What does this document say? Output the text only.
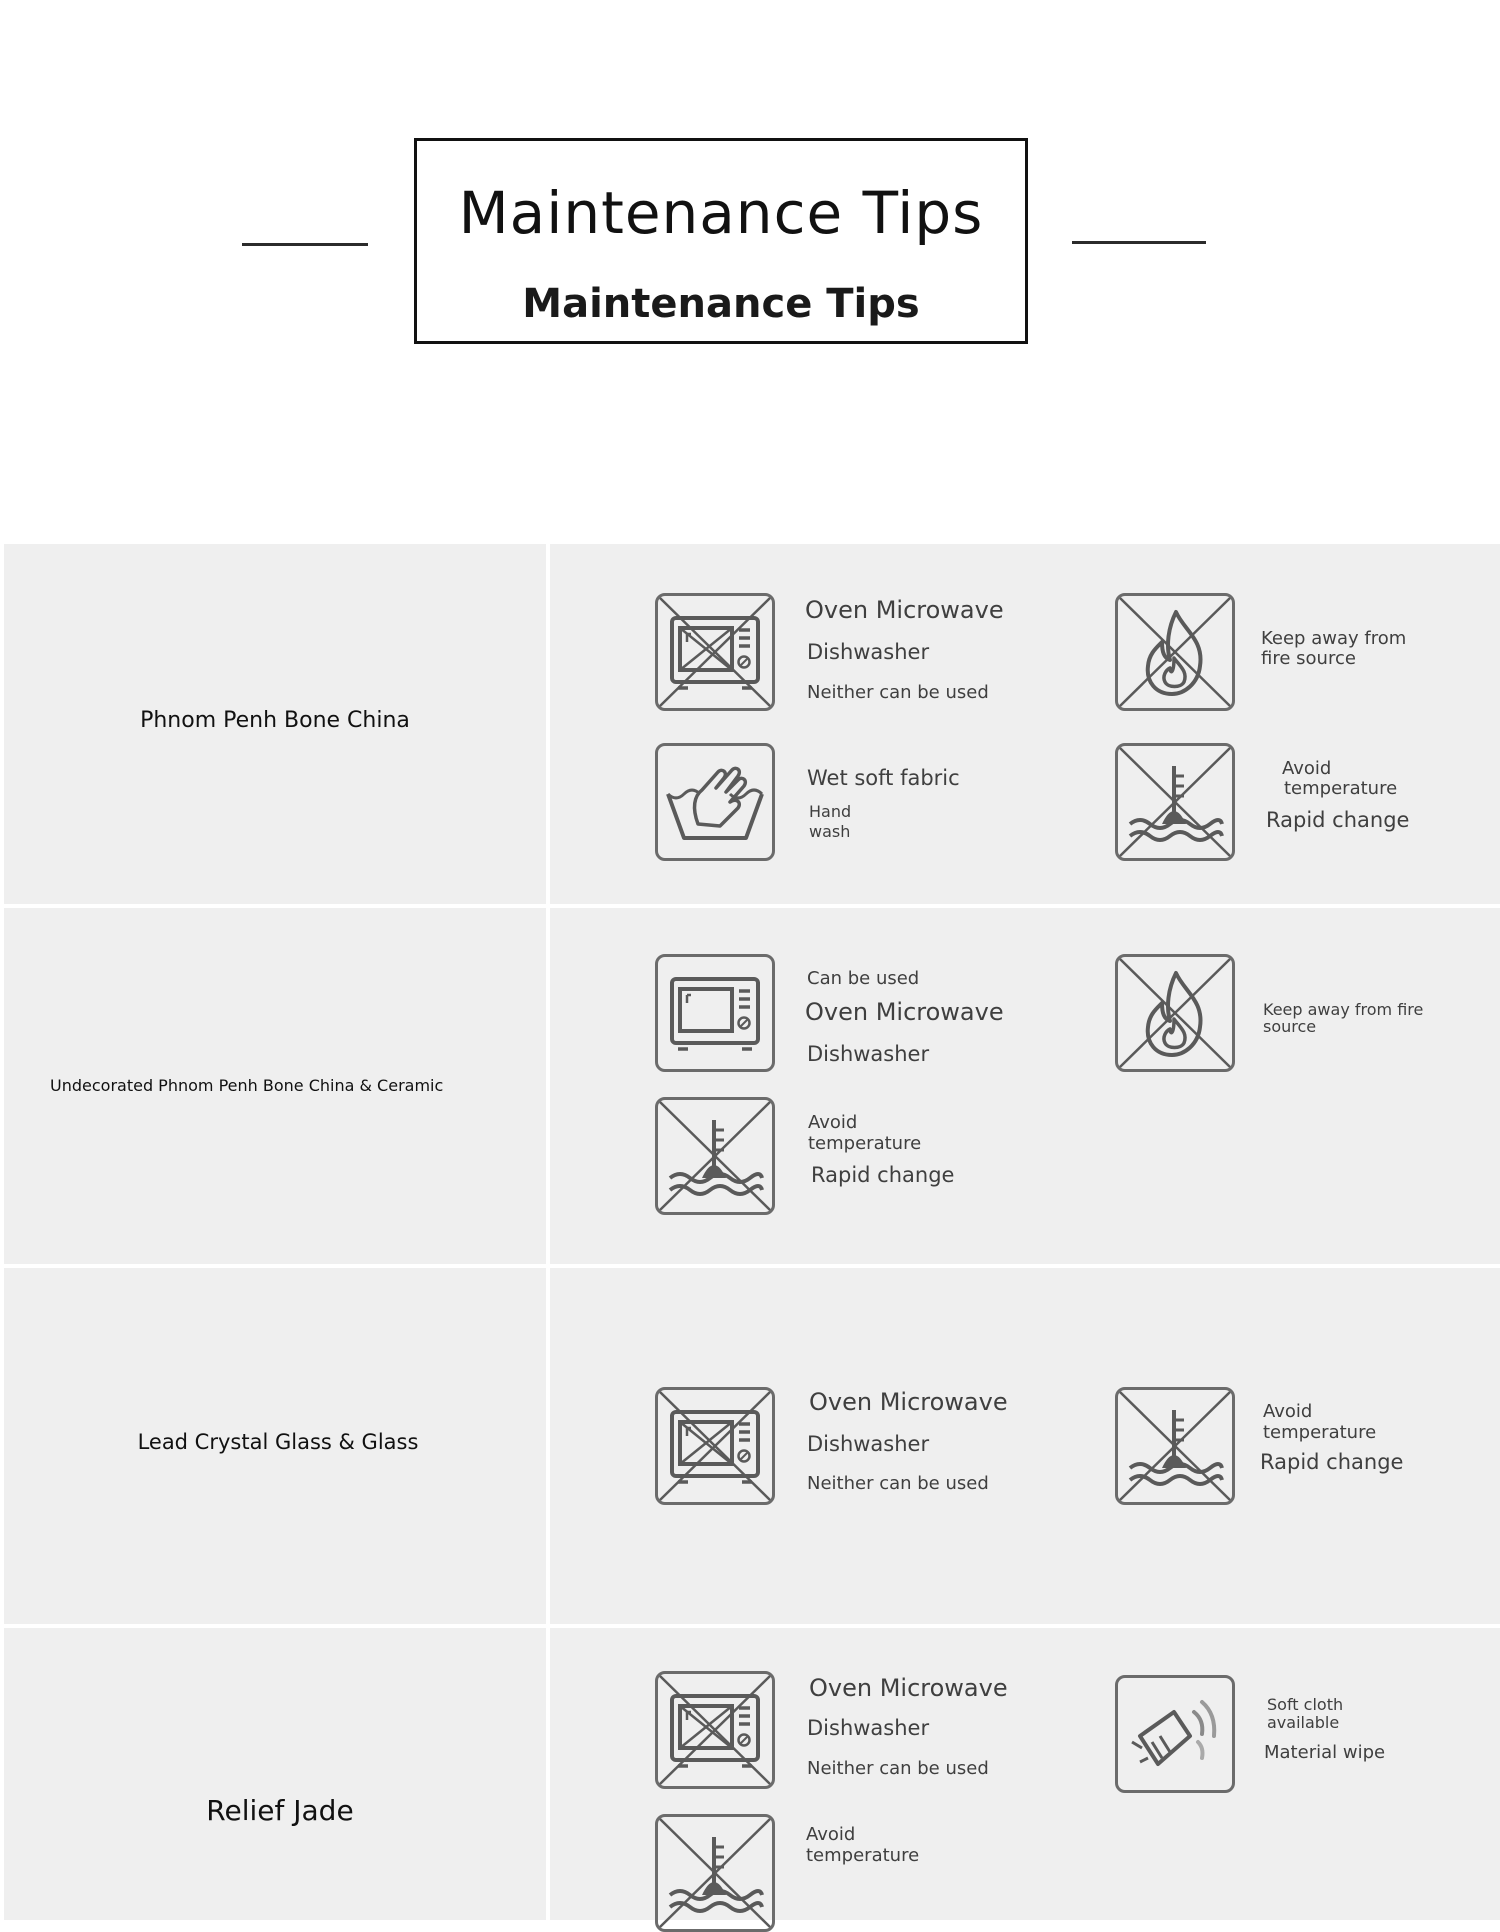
Maintenance Tips
Maintenance Tips
Phnom Penh Bone China
Oven Microwave
Dishwasher
Neither can be used
Keep away from
fire source
Wet soft fabric
Hand
wash
Avoid
temperature
Rapid change
Undecorated Phnom Penh Bone China & Ceramic
Can be used
Oven Microwave
Dishwasher
Keep away from fire
source
Avoid
temperature
Rapid change
Lead Crystal Glass & Glass
Oven Microwave
Dishwasher
Neither can be used
Avoid
temperature
Rapid change
Relief Jade
Oven Microwave
Dishwasher
Neither can be used
Soft cloth
available
Material wipe
Avoid
temperature
